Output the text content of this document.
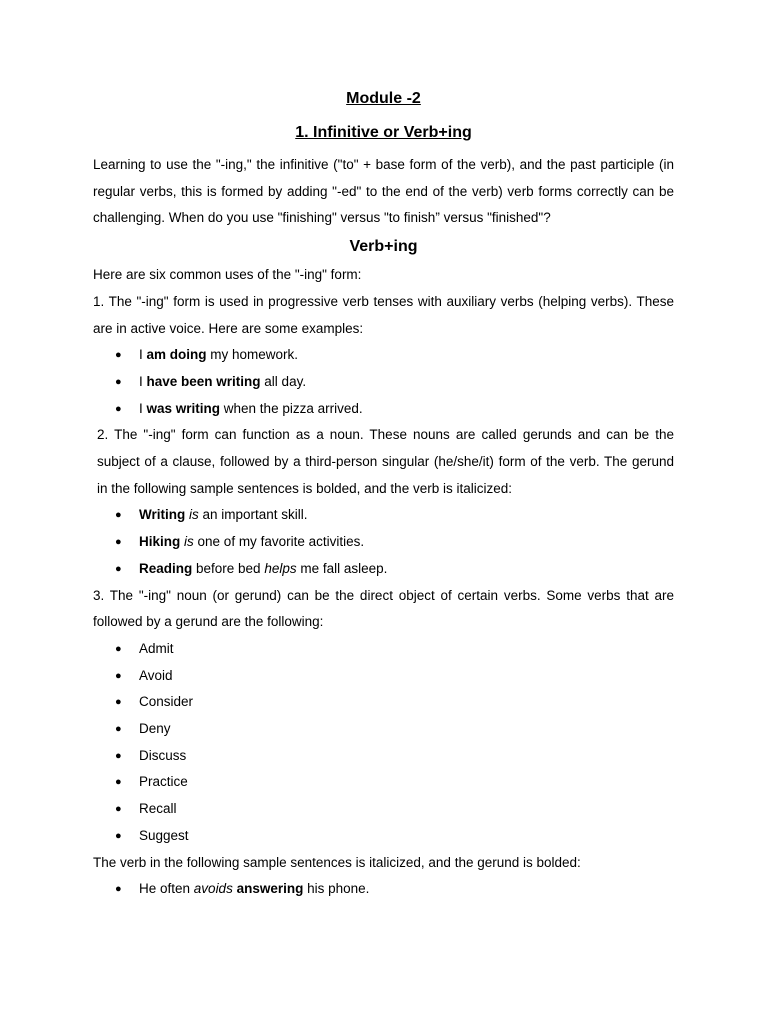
Module -2
1. Infinitive or Verb+ing

Learning to use the "-ing," the infinitive ("to" + base form of the verb), and the past participle (in regular verbs, this is formed by adding "-ed" to the end of the verb) verb forms correctly can be challenging. When do you use "finishing" versus "to finish” versus "finished"?

Verb+ing

Here are six common uses of the "-ing" form:

1. The "-ing" form is used in progressive verb tenses with auxiliary verbs (helping verbs). These are in active voice. Here are some examples:

● I am doing my homework.
● I have been writing all day.
● I was writing when the pizza arrived.

2. The "-ing" form can function as a noun. These nouns are called gerunds and can be the subject of a clause, followed by a third-person singular (he/she/it) form of the verb. The gerund in the following sample sentences is bolded, and the verb is italicized:

● Writing is an important skill.
● Hiking is one of my favorite activities.
● Reading before bed helps me fall asleep.

3. The "-ing" noun (or gerund) can be the direct object of certain verbs. Some verbs that are followed by a gerund are the following:

● Admit
● Avoid
● Consider
● Deny
● Discuss
● Practice
● Recall
● Suggest

The verb in the following sample sentences is italicized, and the gerund is bolded:

● He often avoids answering his phone.
